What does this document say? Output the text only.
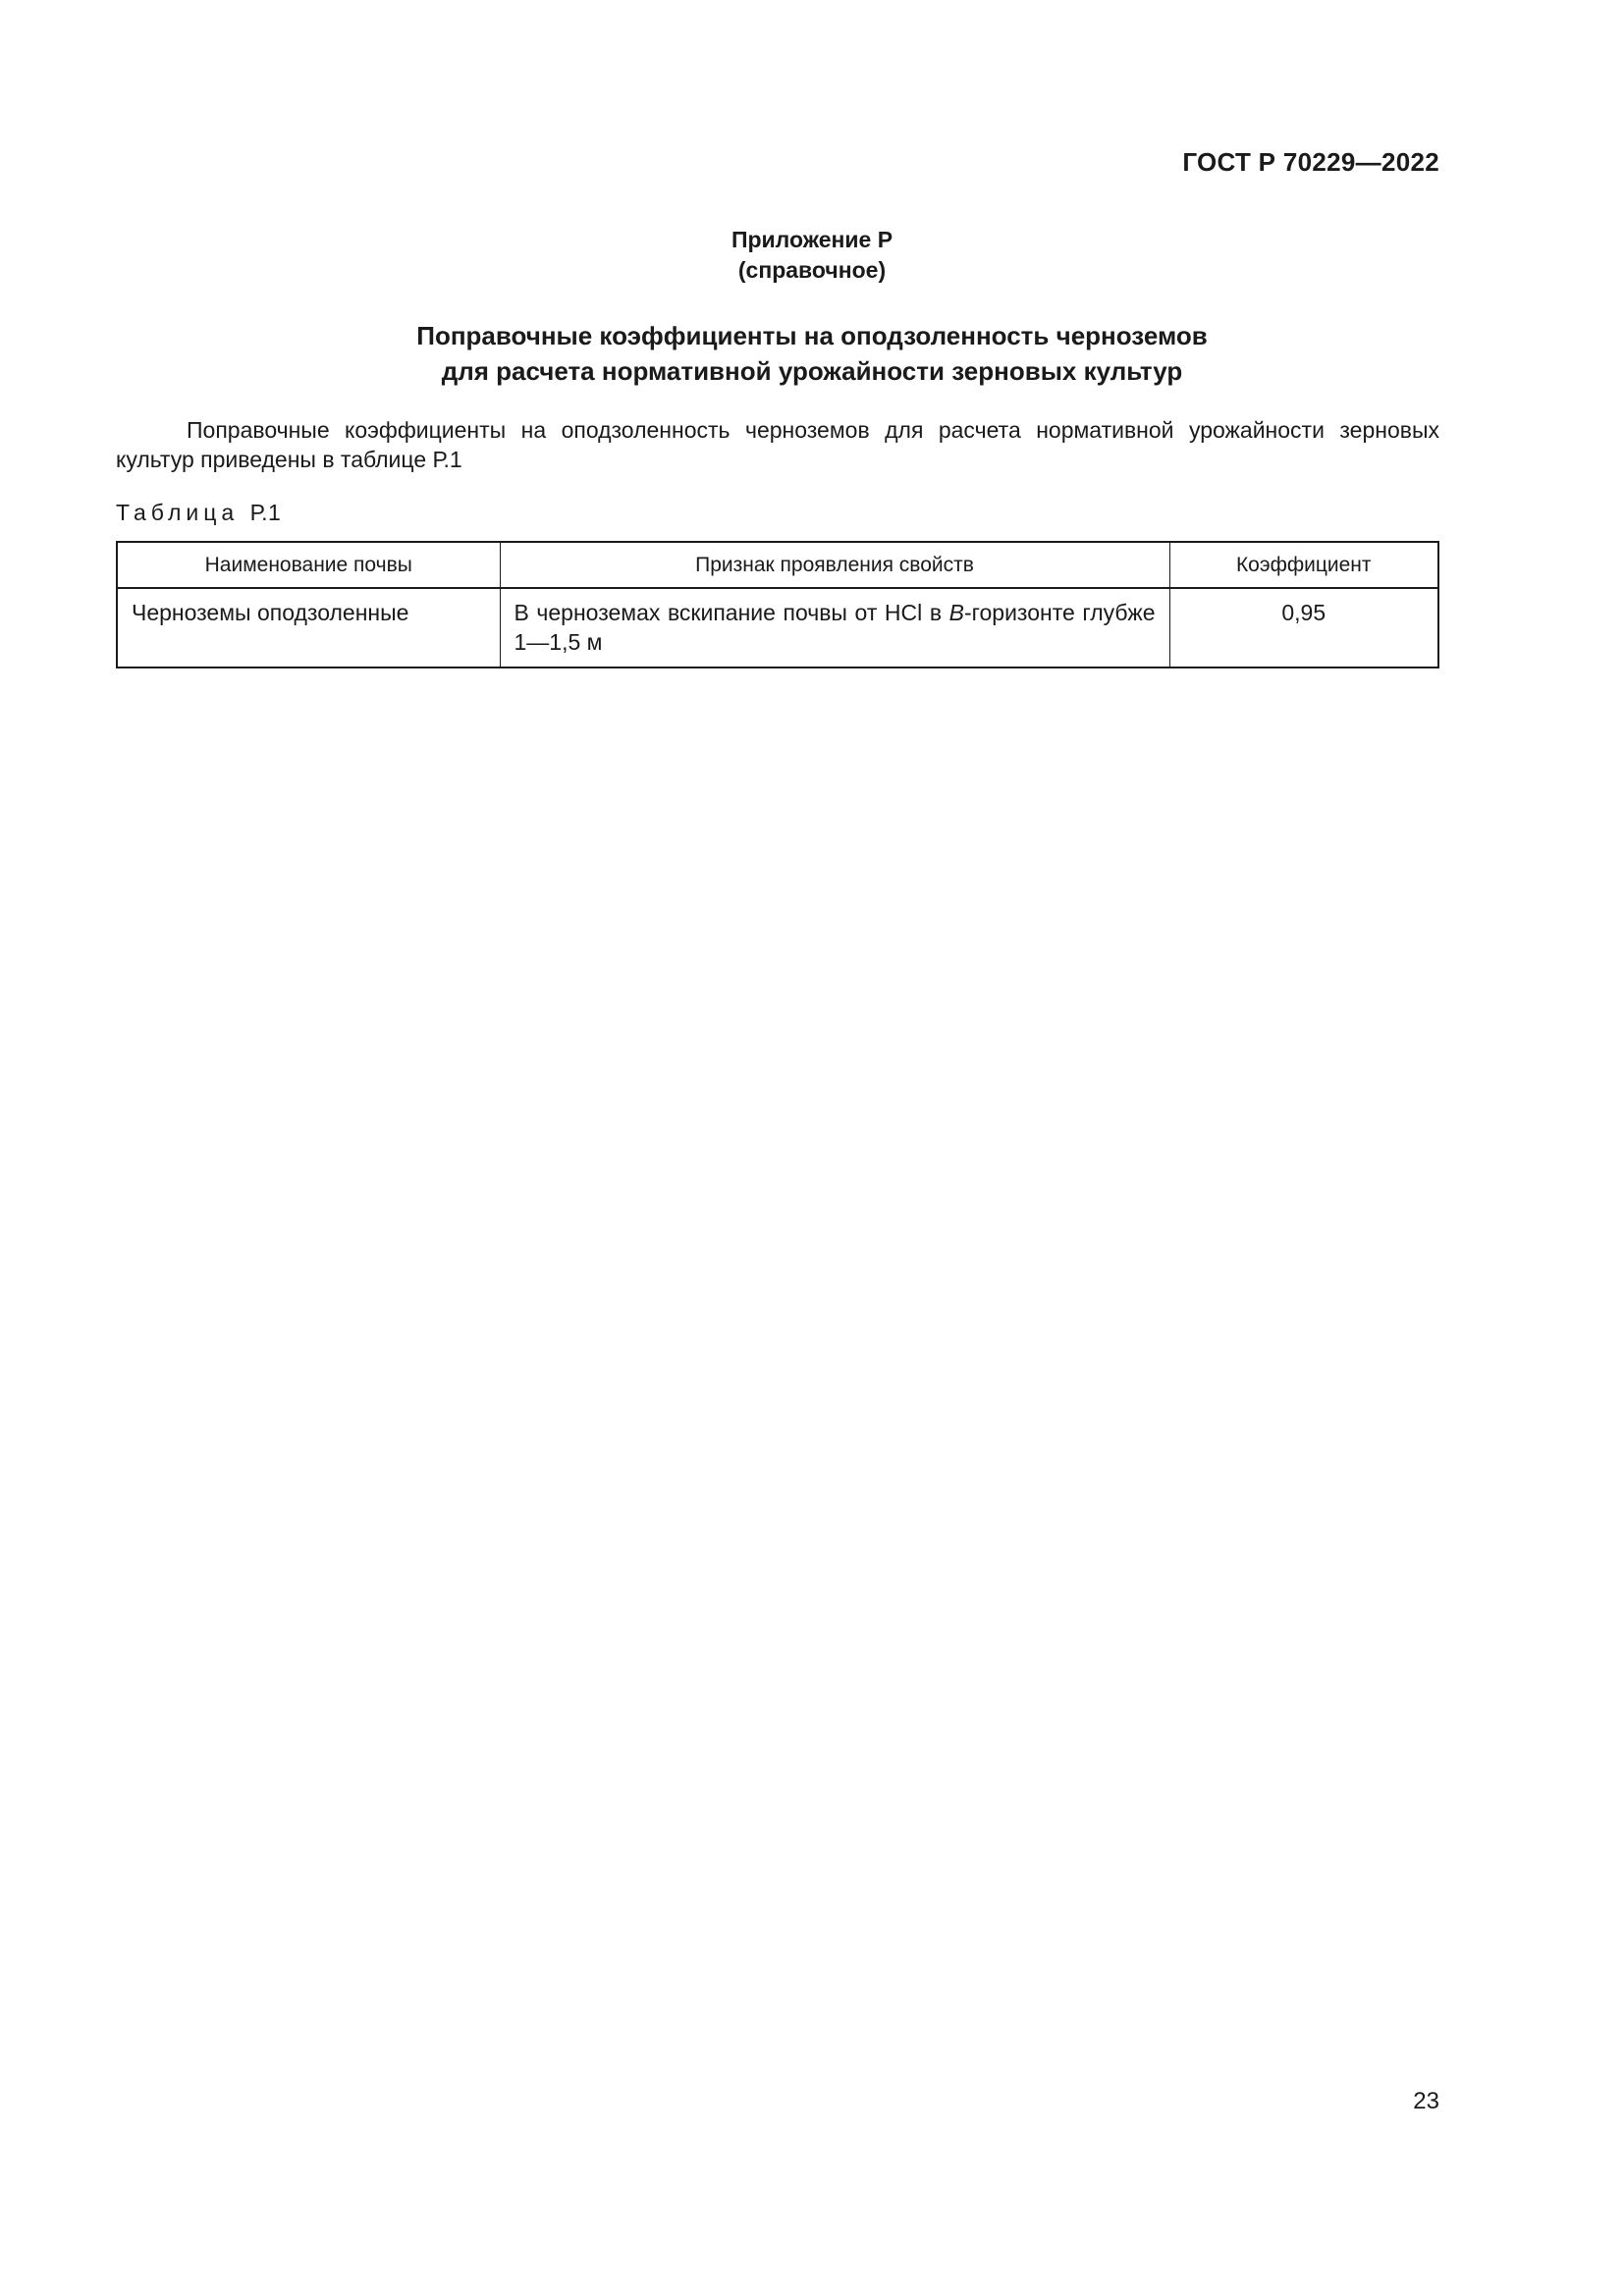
ГОСТ Р 70229—2022
Приложение Р
(справочное)
Поправочные коэффициенты на оподзоленность черноземов
для расчета нормативной урожайности зерновых культур

Поправочные коэффициенты на оподзоленность черноземов для расчета нормативной урожайности зерновых культур приведены в таблице Р.1

Таблица Р.1
Наименование почвы	Признак проявления свойств	Коэффициент
Черноземы оподзоленные	В черноземах вскипание почвы от HCl в B-горизонте глубже 1—1,5 м	0,95
23
